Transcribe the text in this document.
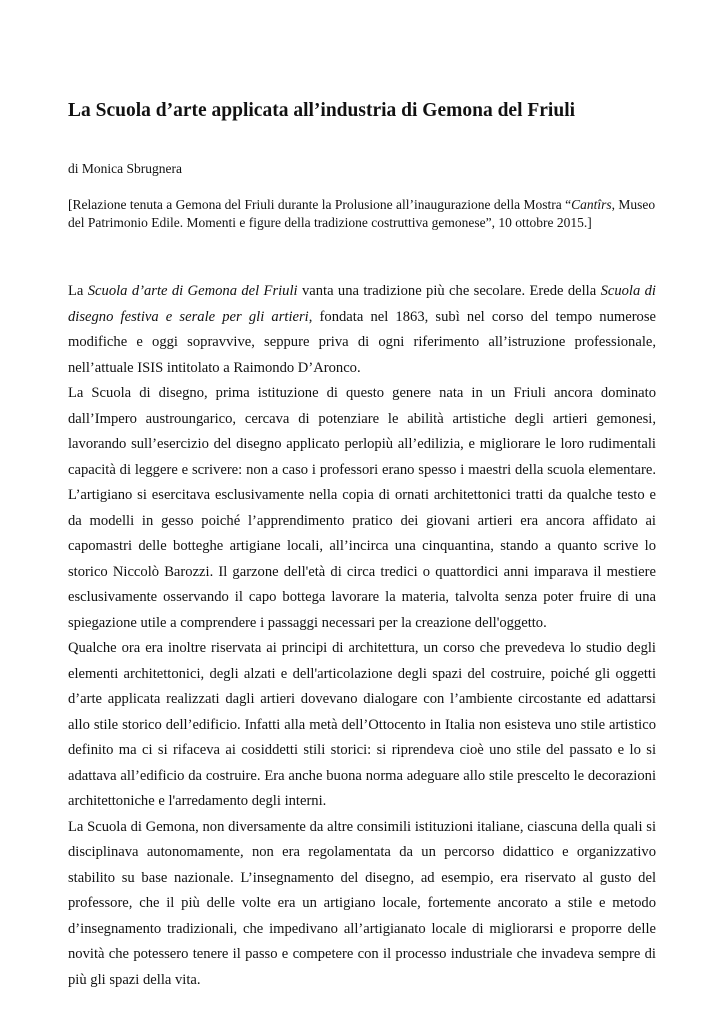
La Scuola d’arte applicata all’industria di Gemona del Friuli

di Monica Sbrugnera

[Relazione tenuta a Gemona del Friuli durante la Prolusione all’inaugurazione della Mostra “Cantîrs, Museo del Patrimonio Edile. Momenti e figure della tradizione costruttiva gemonese”, 10 ottobre 2015.]

La Scuola d’arte di Gemona del Friuli vanta una tradizione più che secolare. Erede della Scuola di disegno festiva e serale per gli artieri, fondata nel 1863, subì nel corso del tempo numerose modifiche e oggi sopravvive, seppure priva di ogni riferimento all’istruzione professionale, nell’attuale ISIS intitolato a Raimondo D’Aronco.

La Scuola di disegno, prima istituzione di questo genere nata in un Friuli ancora dominato dall’Impero austroungarico, cercava di potenziare le abilità artistiche degli artieri gemonesi, lavorando sull’esercizio del disegno applicato perlopiù all’edilizia, e migliorare le loro rudimentali capacità di leggere e scrivere: non a caso i professori erano spesso i maestri della scuola elementare. L’artigiano si esercitava esclusivamente nella copia di ornati architettonici tratti da qualche testo e da modelli in gesso poiché l’apprendimento pratico dei giovani artieri era ancora affidato ai capomastri delle botteghe artigiane locali, all’incirca una cinquantina, stando a quanto scrive lo storico Niccolò Barozzi. Il garzone dell'età di circa tredici o quattordici anni imparava il mestiere esclusivamente osservando il capo bottega lavorare la materia, talvolta senza poter fruire di una spiegazione utile a comprendere i passaggi necessari per la creazione dell'oggetto.

Qualche ora era inoltre riservata ai principi di architettura, un corso che prevedeva lo studio degli elementi architettonici, degli alzati e dell'articolazione degli spazi del costruire, poiché gli oggetti d’arte applicata realizzati dagli artieri dovevano dialogare con l’ambiente circostante ed adattarsi allo stile storico dell’edificio. Infatti alla metà dell’Ottocento in Italia non esisteva uno stile artistico definito ma ci si rifaceva ai cosiddetti stili storici: si riprendeva cioè uno stile del passato e lo si adattava all’edificio da costruire. Era anche buona norma adeguare allo stile prescelto le decorazioni architettoniche e l'arredamento degli interni.

La Scuola di Gemona, non diversamente da altre consimili istituzioni italiane, ciascuna della quali si disciplinava autonomamente, non era regolamentata da un percorso didattico e organizzativo stabilito su base nazionale. L’insegnamento del disegno, ad esempio, era riservato al gusto del professore, che il più delle volte era un artigiano locale, fortemente ancorato a stile e metodo d’insegnamento tradizionali, che impedivano all’artigianato locale di migliorarsi e proporre delle novità che potessero tenere il passo e competere con il processo industriale che invadeva sempre di più gli spazi della vita.
